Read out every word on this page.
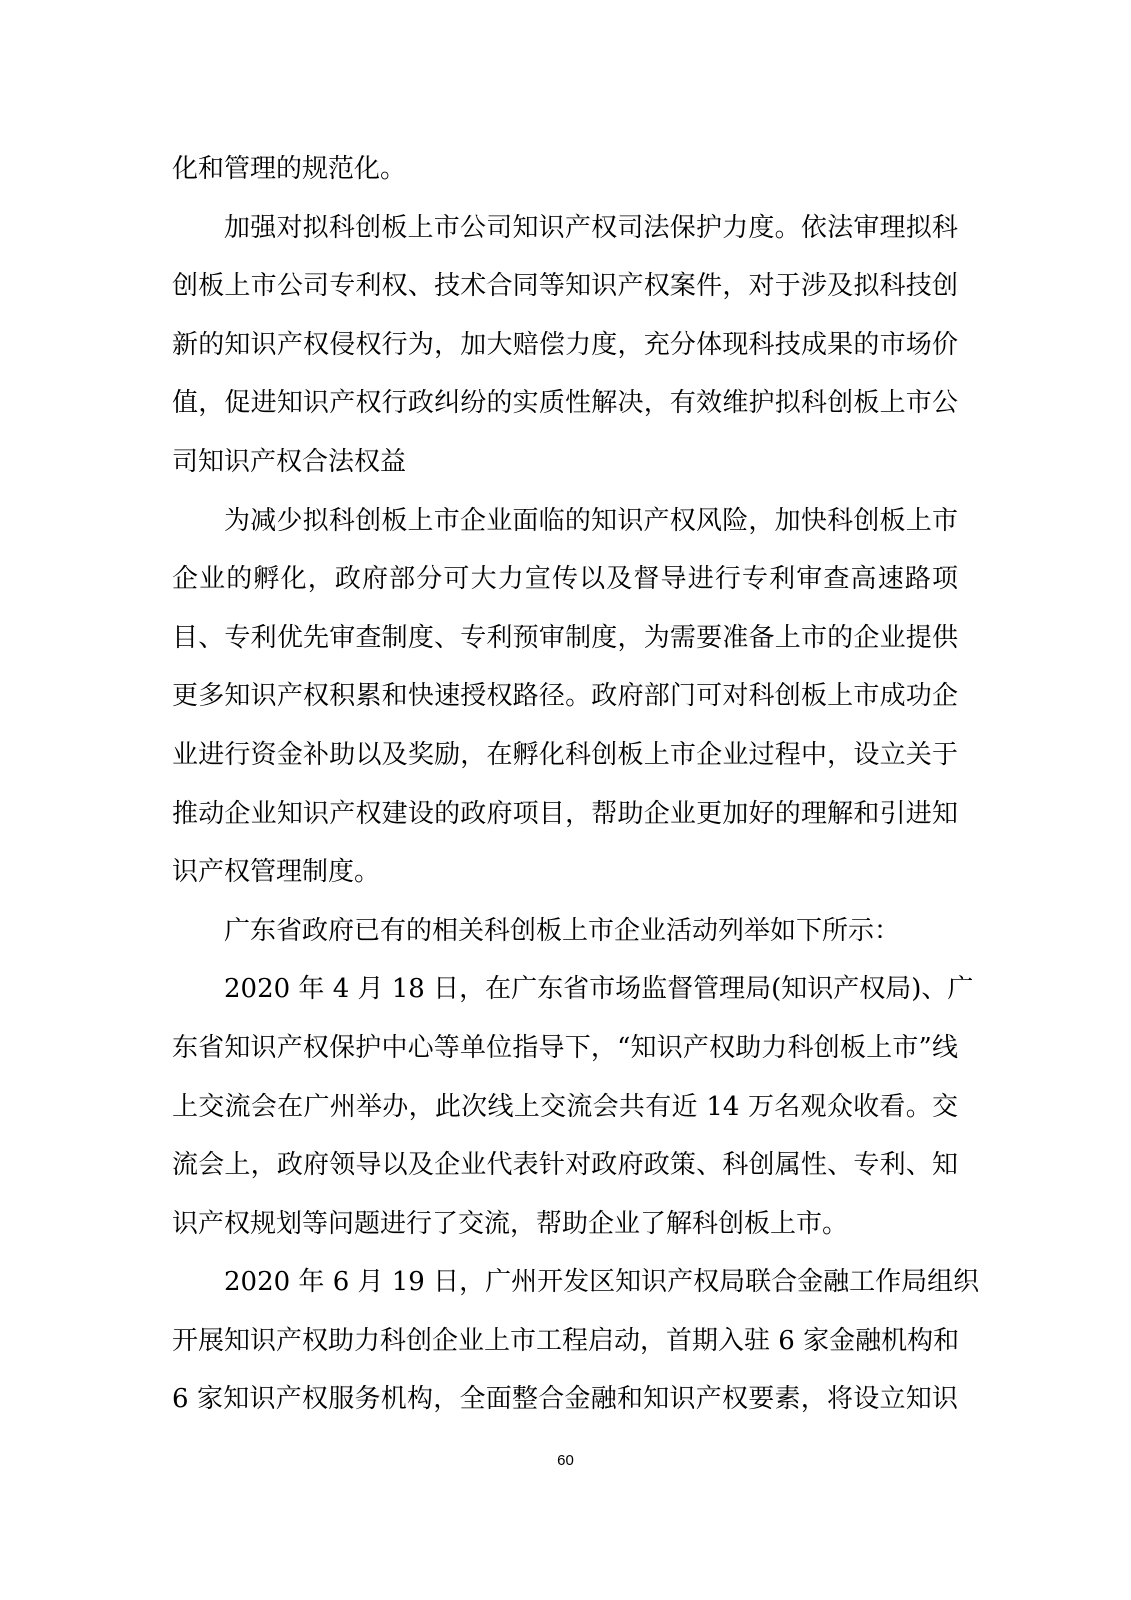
化和管理的规范化。
加强对拟科创板上市公司知识产权司法保护力度。依法审理拟科
创板上市公司专利权、技术合同等知识产权案件，对于涉及拟科技创
新的知识产权侵权行为，加大赔偿力度，充分体现科技成果的市场价
值，促进知识产权行政纠纷的实质性解决，有效维护拟科创板上市公
司知识产权合法权益
为减少拟科创板上市企业面临的知识产权风险，加快科创板上市
企业的孵化，政府部分可大力宣传以及督导进行专利审查高速路项
目、专利优先审查制度、专利预审制度，为需要准备上市的企业提供
更多知识产权积累和快速授权路径。政府部门可对科创板上市成功企
业进行资金补助以及奖励，在孵化科创板上市企业过程中，设立关于
推动企业知识产权建设的政府项目，帮助企业更加好的理解和引进知
识产权管理制度。
广东省政府已有的相关科创板上市企业活动列举如下所示：
2020 年 4 月 18 日，在广东省市场监督管理局(知识产权局)、广
东省知识产权保护中心等单位指导下，“知识产权助力科创板上市”线
上交流会在广州举办，此次线上交流会共有近 14 万名观众收看。交
流会上，政府领导以及企业代表针对政府政策、科创属性、专利、知
识产权规划等问题进行了交流，帮助企业了解科创板上市。
2020 年 6 月 19 日，广州开发区知识产权局联合金融工作局组织
开展知识产权助力科创企业上市工程启动，首期入驻 6 家金融机构和
6 家知识产权服务机构，全面整合金融和知识产权要素，将设立知识
60
